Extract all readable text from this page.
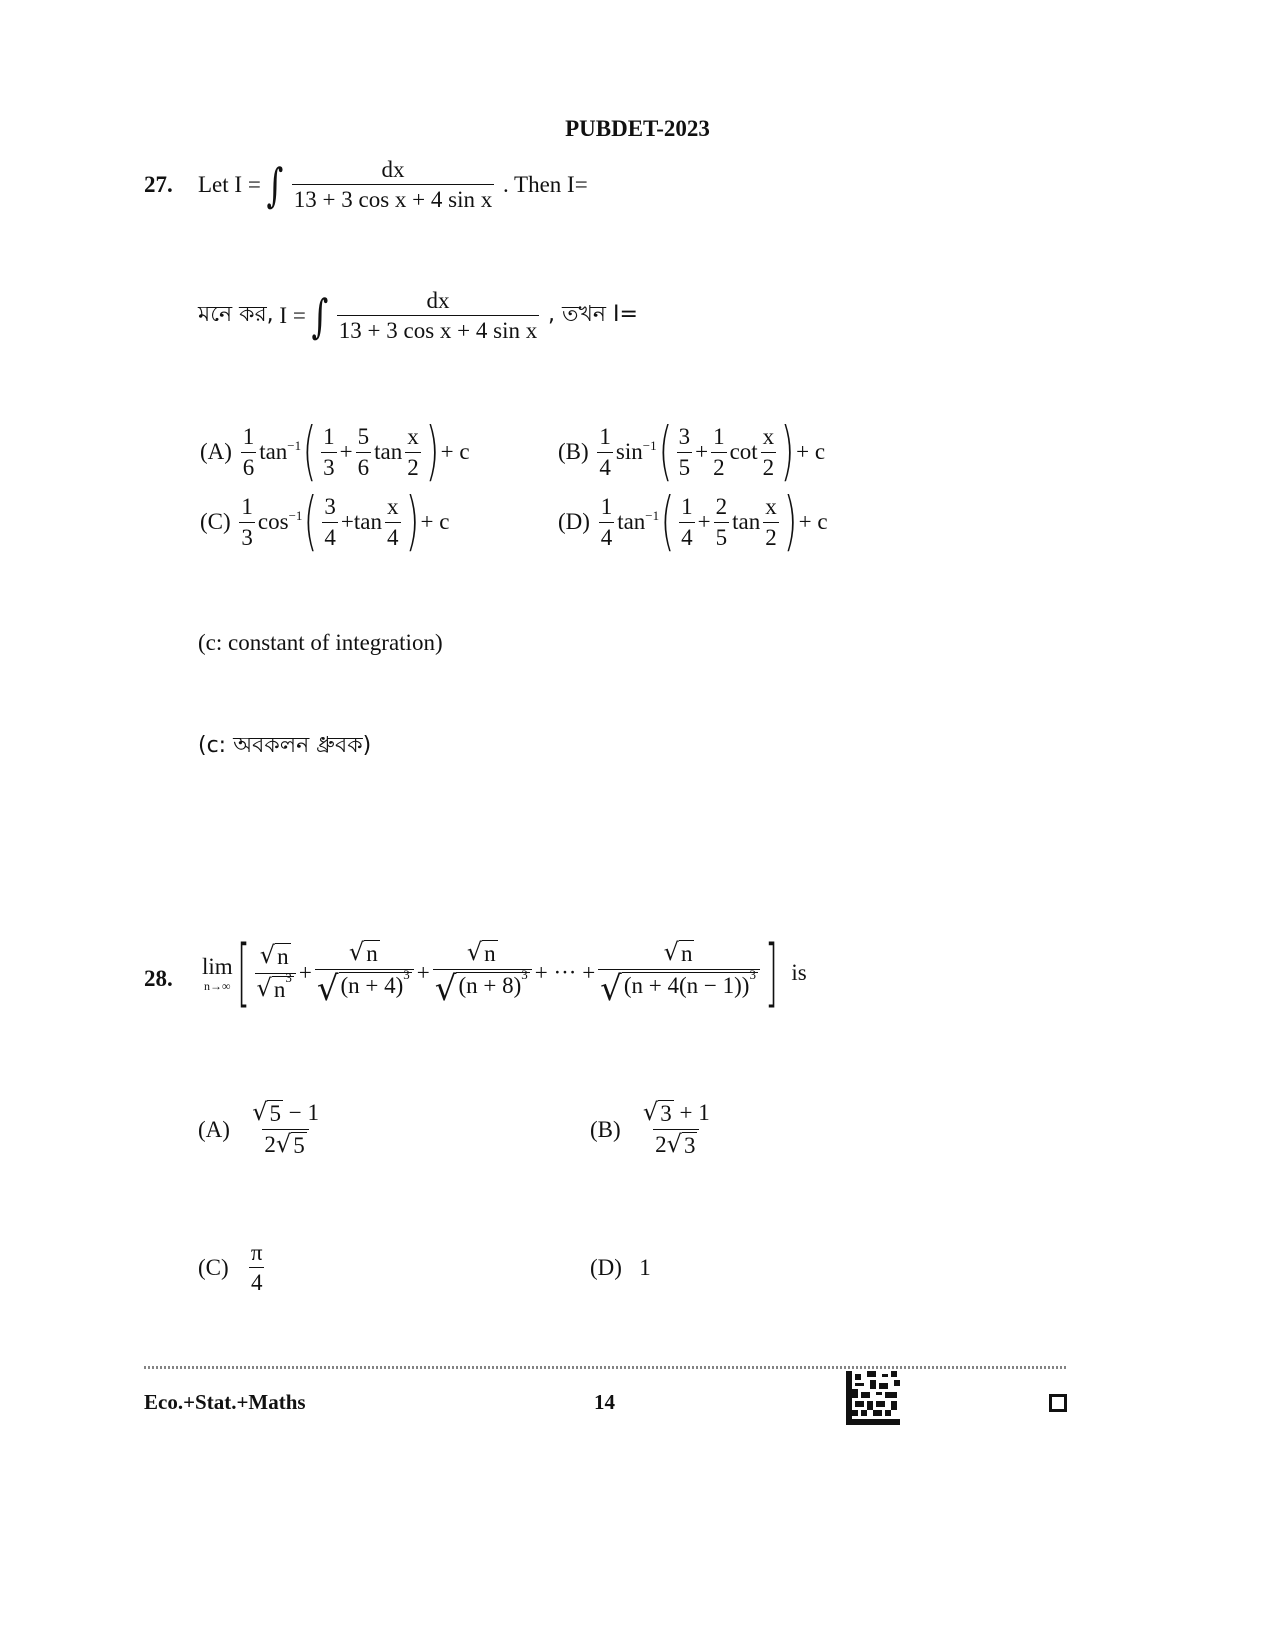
PUBDET-2023
27. Let
I = ∫ $\frac{dx}{\text{13 + 3 cos x + 4 sin x}}$
. Then I=
মনে কর,
I = ∫ $\frac{dx}{\text{13 + 3 cos x + 4 sin x}}$
, তখন I=
(A)
$\frac{1}{6}$ tan −1 ( $\frac{1}{3} + \frac{5}{6}$ $\tan \frac{x}{2}$ ) + c	(B)
$\frac{1}{4}$ sin −1 ( $\frac{3}{5} + \frac{1}{2}$ $\cot \frac{x}{2}$ ) + c
(C)
$\frac{1}{3}$ cos −1 ( $\frac{3}{4} + \tan \frac{x}{4}$ ) + c	(D)
$\frac{1}{4}$ tan −1 ( $\frac{1}{4} + \frac{2}{5}$ $\tan \frac{x}{2}$ ) + c
(c: constant of integration)
(c: অবকলন ধ্রুবক)
28. lim
n→∞ [ $\frac{√ n}{√ n^3} + \frac{√ n}{√ (n + 4)^3} + \frac{√ n}{√ (n + 8)^3}$ + ··· + $\frac{√ n}{√ (n + 4(n - 1))^3}$ ]
is
(A)
$\frac{√ 5 - 1}{2 √ 5}$	(B)
$\frac{√ 3 + 1}{2 √ 3}$
(C)
$\frac{\pi}{4}$	(D)
1
Eco.+Stat.+Maths	14
